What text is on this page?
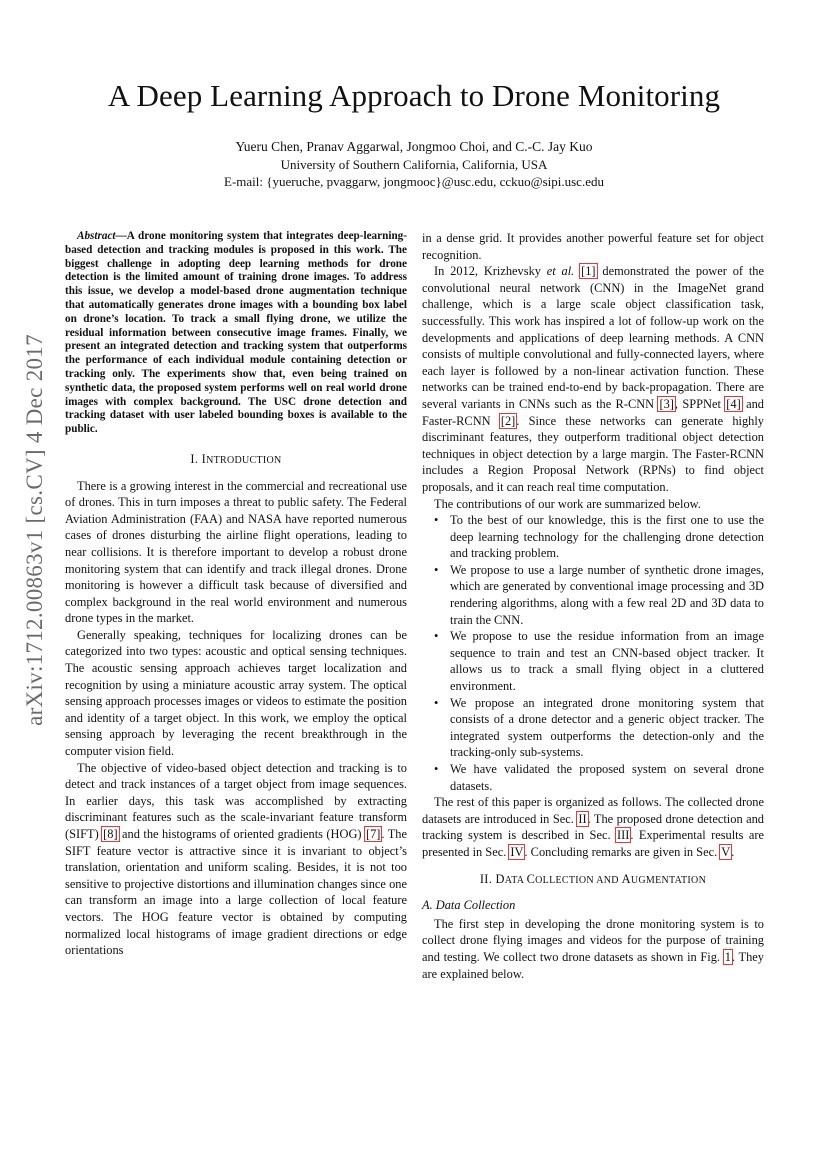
A Deep Learning Approach to Drone Monitoring
Yueru Chen, Pranav Aggarwal, Jongmoo Choi, and C.-C. Jay Kuo
University of Southern California, California, USA
E-mail: {yueruche, pvaggarw, jongmooc}@usc.edu, cckuo@sipi.usc.edu
arXiv:1712.00863v1 [cs.CV] 4 Dec 2017

Abstract—A drone monitoring system that integrates deep-learning-based detection and tracking modules is proposed in this work. The biggest challenge in adopting deep learning methods for drone detection is the limited amount of training drone images. To address this issue, we develop a model-based drone augmentation technique that automatically generates drone images with a bounding box label on drone’s location. To track a small flying drone, we utilize the residual information between consecutive image frames. Finally, we present an integrated detection and tracking system that outperforms the performance of each individual module containing detection or tracking only. The experiments show that, even being trained on synthetic data, the proposed system performs well on real world drone images with complex background. The USC drone detection and tracking dataset with user labeled bounding boxes is available to the public.

I. INTRODUCTION

There is a growing interest in the commercial and recreational use of drones. This in turn imposes a threat to public safety. The Federal Aviation Administration (FAA) and NASA have reported numerous cases of drones disturbing the airline flight operations, leading to near collisions. It is therefore important to develop a robust drone monitoring system that can identify and track illegal drones. Drone monitoring is however a difficult task because of diversified and complex background in the real world environment and numerous drone types in the market.

Generally speaking, techniques for localizing drones can be categorized into two types: acoustic and optical sensing techniques. The acoustic sensing approach achieves target localization and recognition by using a miniature acoustic array system. The optical sensing approach processes images or videos to estimate the position and identity of a target object. In this work, we employ the optical sensing approach by leveraging the recent breakthrough in the computer vision field.

The objective of video-based object detection and tracking is to detect and track instances of a target object from image sequences. In earlier days, this task was accomplished by extracting discriminant features such as the scale-invariant feature transform (SIFT) [8] and the histograms of oriented gradients (HOG) [7]. The SIFT feature vector is attractive since it is invariant to object’s translation, orientation and uniform scaling. Besides, it is not too sensitive to projective distortions and illumination changes since one can transform an image into a large collection of local feature vectors. The HOG feature vector is obtained by computing normalized local histograms of image gradient directions or edge orientations

in a dense grid. It provides another powerful feature set for object recognition.

In 2012, Krizhevsky et al. [1] demonstrated the power of the convolutional neural network (CNN) in the ImageNet grand challenge, which is a large scale object classification task, successfully. This work has inspired a lot of follow-up work on the developments and applications of deep learning methods. A CNN consists of multiple convolutional and fully-connected layers, where each layer is followed by a non-linear activation function. These networks can be trained end-to-end by back-propagation. There are several variants in CNNs such as the R-CNN [3], SPPNet [4] and Faster-RCNN [2]. Since these networks can generate highly discriminant features, they outperform traditional object detection techniques in object detection by a large margin. The Faster-RCNN includes a Region Proposal Network (RPNs) to find object proposals, and it can reach real time computation.

The contributions of our work are summarized below.

• To the best of our knowledge, this is the first one to use the deep learning technology for the challenging drone detection and tracking problem.
• We propose to use a large number of synthetic drone images, which are generated by conventional image processing and 3D rendering algorithms, along with a few real 2D and 3D data to train the CNN.
• We propose to use the residue information from an image sequence to train and test an CNN-based object tracker. It allows us to track a small flying object in a cluttered environment.
• We propose an integrated drone monitoring system that consists of a drone detector and a generic object tracker. The integrated system outperforms the detection-only and the tracking-only sub-systems.
• We have validated the proposed system on several drone datasets.

The rest of this paper is organized as follows. The collected drone datasets are introduced in Sec. II. The proposed drone detection and tracking system is described in Sec. III. Experimental results are presented in Sec. IV. Concluding remarks are given in Sec. V.

II. DATA COLLECTION AND AUGMENTATION
A. Data Collection

The first step in developing the drone monitoring system is to collect drone flying images and videos for the purpose of training and testing. We collect two drone datasets as shown in Fig. 1. They are explained below.
